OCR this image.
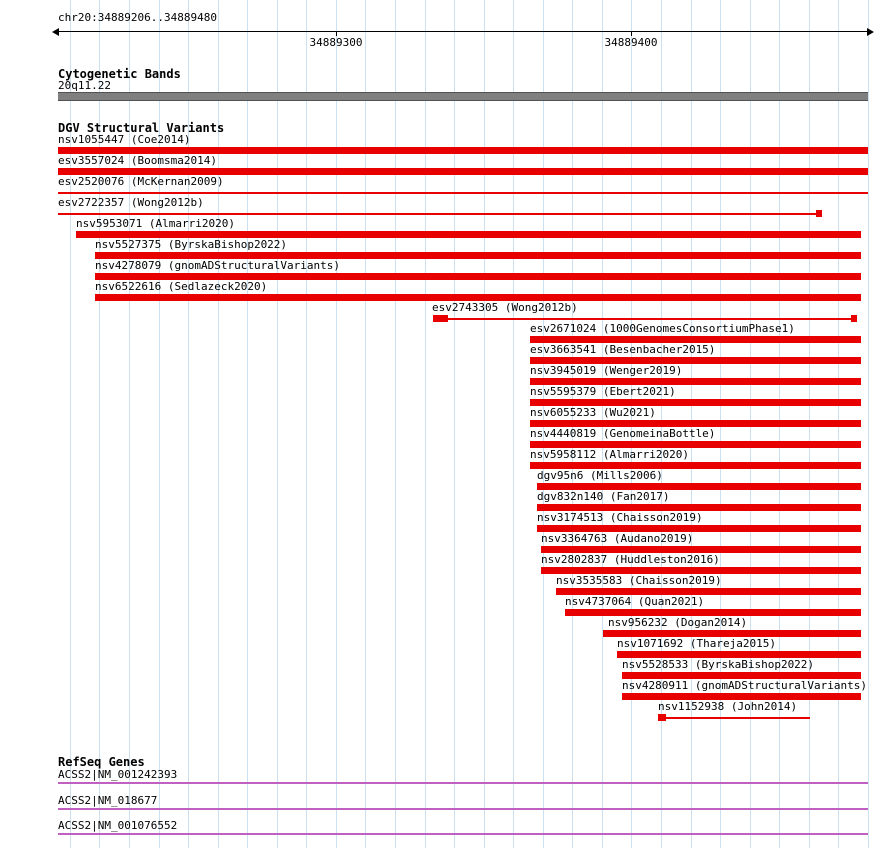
chr20:34889206..34889480
34889300	34889400
Cytogenetic Bands
20q11.22
DGV Structural Variants
nsv1055447 (Coe2014)
esv3557024 (Boomsma2014)
esv2520076 (McKernan2009)
esv2722357 (Wong2012b)
nsv5953071 (Almarri2020)
nsv5527375 (ByrskaBishop2022)
nsv4278079 (gnomADStructuralVariants)
nsv6522616 (Sedlazeck2020)
esv2743305 (Wong2012b)
esv2671024 (1000GenomesConsortiumPhase1)
esv3663541 (Besenbacher2015)
nsv3945019 (Wenger2019)
nsv5595379 (Ebert2021)
nsv6055233 (Wu2021)
nsv4440819 (GenomeinaBottle)
nsv5958112 (Almarri2020)
dgv95n6 (Mills2006)
dgv832n140 (Fan2017)
nsv3174513 (Chaisson2019)
nsv3364763 (Audano2019)
nsv2802837 (Huddleston2016)
nsv3535583 (Chaisson2019)
nsv4737064 (Quan2021)
nsv956232 (Dogan2014)
nsv1071692 (Thareja2015)
nsv5528533 (ByrskaBishop2022)
nsv4280911 (gnomADStructuralVariants)
nsv1152938 (John2014)
RefSeq Genes
ACSS2|NM_001242393
ACSS2|NM_018677
ACSS2|NM_001076552
